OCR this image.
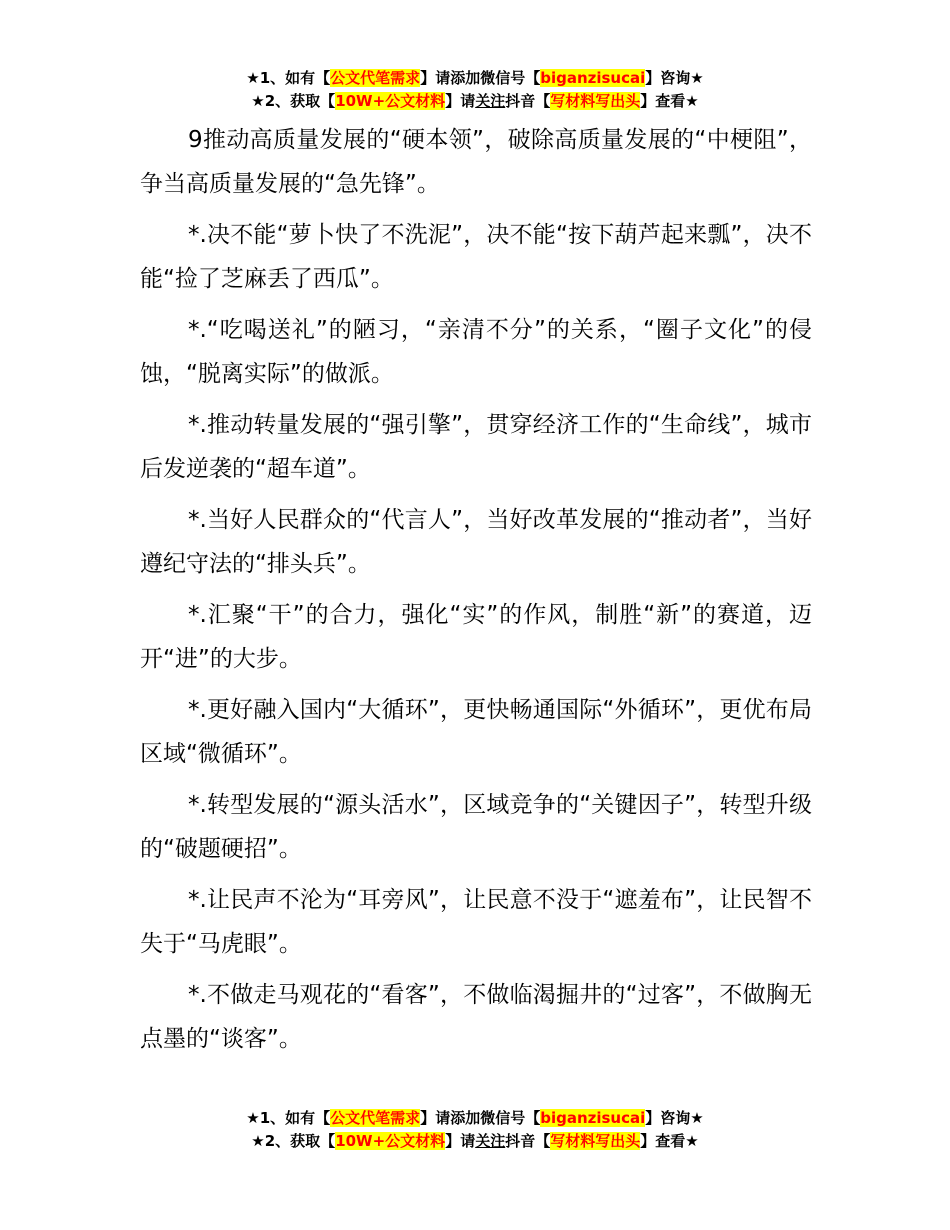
★1、如有【公文代笔需求】请添加微信号【biganzisucai】咨询★
★2、获取【10W+公文材料】请关注抖音【写材料写出头】查看★

9推动高质量发展的“硬本领”，破除高质量发展的“中梗阻”，争当高质量发展的“急先锋”。

*.决不能“萝卜快了不洗泥”，决不能“按下葫芦起来瓢”，决不能“捡了芝麻丢了西瓜”。

*.“吃喝送礼”的陋习，“亲清不分”的关系，“圈子文化”的侵蚀，“脱离实际”的做派。

*.推动转量发展的“强引擎”，贯穿经济工作的“生命线”，城市后发逆袭的“超车道”。

*.当好人民群众的“代言人”，当好改革发展的“推动者”，当好遵纪守法的“排头兵”。

*.汇聚“干”的合力，强化“实”的作风，制胜“新”的赛道，迈开“进”的大步。

*.更好融入国内“大循环”，更快畅通国际“外循环”，更优布局区域“微循环”。

*.转型发展的“源头活水”，区域竞争的“关键因子”，转型升级的“破题硬招”。

*.让民声不沦为“耳旁风”，让民意不没于“遮羞布”，让民智不失于“马虎眼”。

*.不做走马观花的“看客”，不做临渴掘井的“过客”，不做胸无点墨的“谈客”。

★1、如有【公文代笔需求】请添加微信号【biganzisucai】咨询★
★2、获取【10W+公文材料】请关注抖音【写材料写出头】查看★
